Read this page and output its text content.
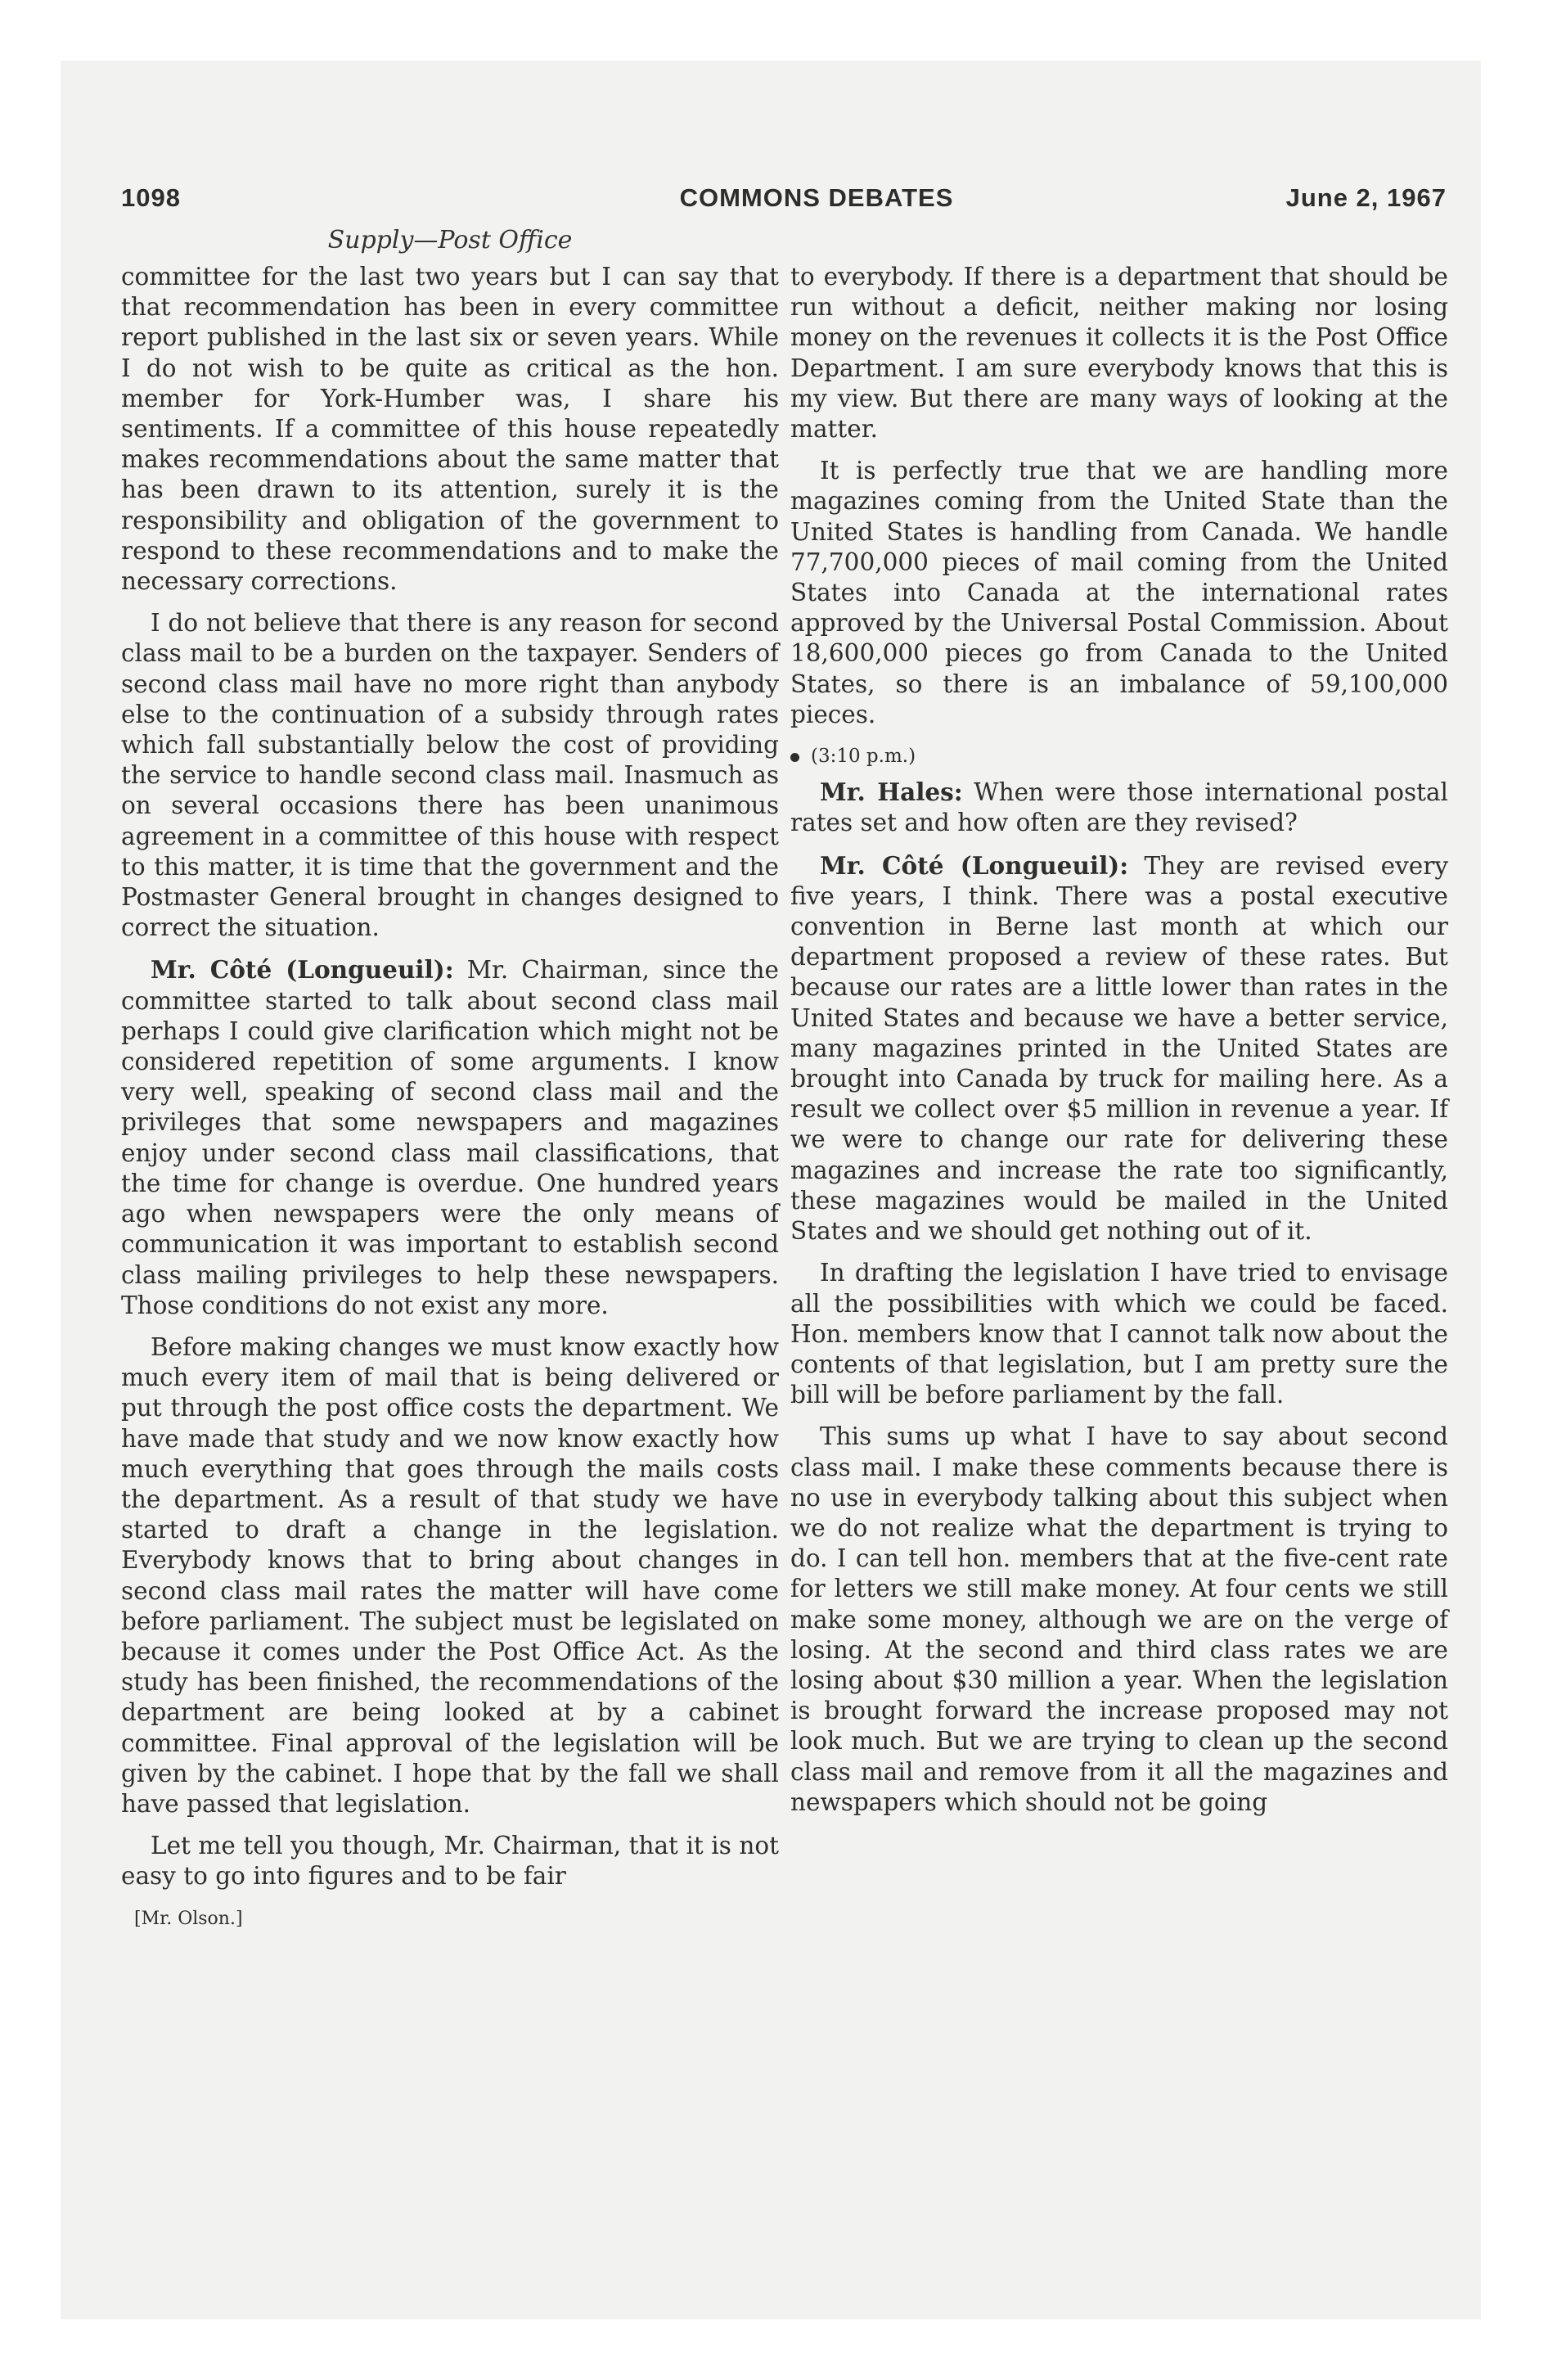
1098	COMMONS DEBATES	June 2, 1967
Supply—Post Office

committee for the last two years but I can say that that recommendation has been in every committee report published in the last six or seven years. While I do not wish to be quite as critical as the hon. member for York-Humber was, I share his sentiments. If a committee of this house repeatedly makes recommendations about the same matter that has been drawn to its attention, surely it is the responsibility and obligation of the government to respond to these recommendations and to make the necessary corrections.

I do not believe that there is any reason for second class mail to be a burden on the taxpayer. Senders of second class mail have no more right than anybody else to the continuation of a subsidy through rates which fall substantially below the cost of providing the service to handle second class mail. Inasmuch as on several occasions there has been unanimous agreement in a committee of this house with respect to this matter, it is time that the government and the Postmaster General brought in changes designed to correct the situation.

Mr. Côté (Longueuil): Mr. Chairman, since the committee started to talk about second class mail perhaps I could give clarification which might not be considered repetition of some arguments. I know very well, speaking of second class mail and the privileges that some newspapers and magazines enjoy under second class mail classifications, that the time for change is overdue. One hundred years ago when newspapers were the only means of communication it was important to establish second class mailing privileges to help these newspapers. Those conditions do not exist any more.

Before making changes we must know exactly how much every item of mail that is being delivered or put through the post office costs the department. We have made that study and we now know exactly how much everything that goes through the mails costs the department. As a result of that study we have started to draft a change in the legislation. Everybody knows that to bring about changes in second class mail rates the matter will have come before parliament. The subject must be legislated on because it comes under the Post Office Act. As the study has been finished, the recommendations of the department are being looked at by a cabinet committee. Final approval of the legislation will be given by the cabinet. I hope that by the fall we shall have passed that legislation.

Let me tell you though, Mr. Chairman, that it is not easy to go into figures and to be fair

[Mr. Olson.]

to everybody. If there is a department that should be run without a deficit, neither making nor losing money on the revenues it collects it is the Post Office Department. I am sure everybody knows that this is my view. But there are many ways of looking at the matter.

It is perfectly true that we are handling more magazines coming from the United State than the United States is handling from Canada. We handle 77,700,000 pieces of mail coming from the United States into Canada at the international rates approved by the Universal Postal Commission. About 18,600,000 pieces go from Canada to the United States, so there is an imbalance of 59,100,000 pieces.

(3:10 p.m.)

Mr. Hales: When were those international postal rates set and how often are they revised?

Mr. Côté (Longueuil): They are revised every five years, I think. There was a postal executive convention in Berne last month at which our department proposed a review of these rates. But because our rates are a little lower than rates in the United States and because we have a better service, many magazines printed in the United States are brought into Canada by truck for mailing here. As a result we collect over $5 million in revenue a year. If we were to change our rate for delivering these magazines and increase the rate too significantly, these magazines would be mailed in the United States and we should get nothing out of it.

In drafting the legislation I have tried to envisage all the possibilities with which we could be faced. Hon. members know that I cannot talk now about the contents of that legislation, but I am pretty sure the bill will be before parliament by the fall.

This sums up what I have to say about second class mail. I make these comments because there is no use in everybody talking about this subject when we do not realize what the department is trying to do. I can tell hon. members that at the five-cent rate for letters we still make money. At four cents we still make some money, although we are on the verge of losing. At the second and third class rates we are losing about $30 million a year. When the legislation is brought forward the increase proposed may not look much. But we are trying to clean up the second class mail and remove from it all the magazines and newspapers which should not be going
